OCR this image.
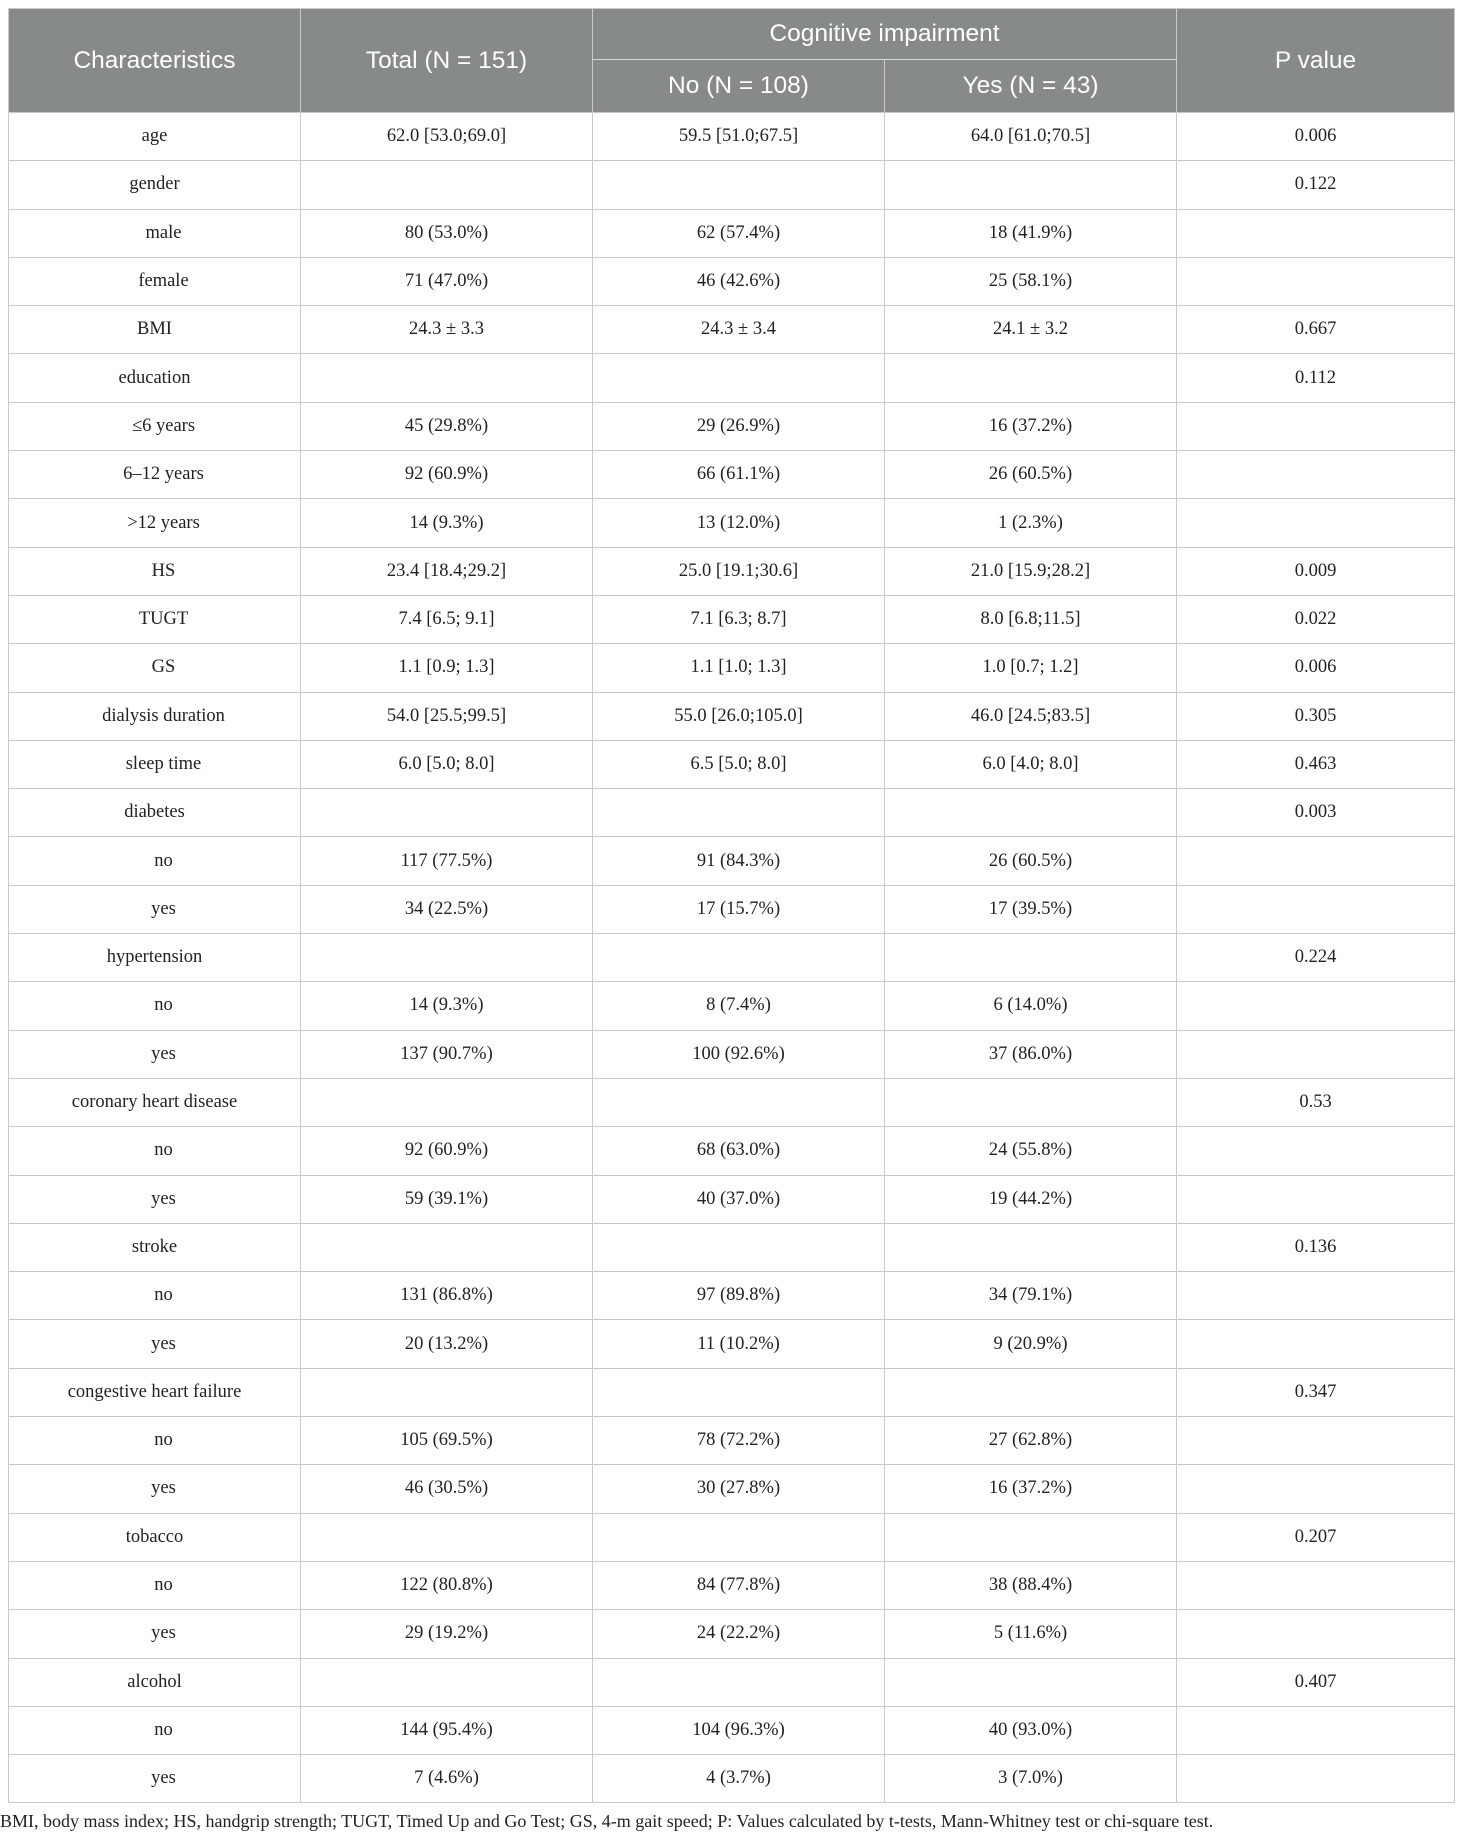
Characteristics	Total (N = 151)	Cognitive impairment		P value
		No (N = 108)	Yes (N = 43)	
age	62.0 [53.0;69.0]	59.5 [51.0;67.5]	64.0 [61.0;70.5]	0.006
gender				0.122
male	80 (53.0%)	62 (57.4%)	18 (41.9%)	
female	71 (47.0%)	46 (42.6%)	25 (58.1%)	
BMI	24.3 ± 3.3	24.3 ± 3.4	24.1 ± 3.2	0.667
education				0.112
≤6 years	45 (29.8%)	29 (26.9%)	16 (37.2%)	
6–12 years	92 (60.9%)	66 (61.1%)	26 (60.5%)	
>12 years	14 (9.3%)	13 (12.0%)	1 (2.3%)	
HS	23.4 [18.4;29.2]	25.0 [19.1;30.6]	21.0 [15.9;28.2]	0.009
TUGT	7.4 [6.5; 9.1]	7.1 [6.3; 8.7]	8.0 [6.8;11.5]	0.022
GS	1.1 [0.9; 1.3]	1.1 [1.0; 1.3]	1.0 [0.7; 1.2]	0.006
dialysis duration	54.0 [25.5;99.5]	55.0 [26.0;105.0]	46.0 [24.5;83.5]	0.305
sleep time	6.0 [5.0; 8.0]	6.5 [5.0; 8.0]	6.0 [4.0; 8.0]	0.463
diabetes				0.003
no	117 (77.5%)	91 (84.3%)	26 (60.5%)	
yes	34 (22.5%)	17 (15.7%)	17 (39.5%)	
hypertension				0.224
no	14 (9.3%)	8 (7.4%)	6 (14.0%)	
yes	137 (90.7%)	100 (92.6%)	37 (86.0%)	
coronary heart disease				0.53
no	92 (60.9%)	68 (63.0%)	24 (55.8%)	
yes	59 (39.1%)	40 (37.0%)	19 (44.2%)	
stroke				0.136
no	131 (86.8%)	97 (89.8%)	34 (79.1%)	
yes	20 (13.2%)	11 (10.2%)	9 (20.9%)	
congestive heart failure				0.347
no	105 (69.5%)	78 (72.2%)	27 (62.8%)	
yes	46 (30.5%)	30 (27.8%)	16 (37.2%)	
tobacco				0.207
no	122 (80.8%)	84 (77.8%)	38 (88.4%)	
yes	29 (19.2%)	24 (22.2%)	5 (11.6%)	
alcohol				0.407
no	144 (95.4%)	104 (96.3%)	40 (93.0%)	
yes	7 (4.6%)	4 (3.7%)	3 (7.0%)	
BMI, body mass index; HS, handgrip strength; TUGT, Timed Up and Go Test; GS, 4-m gait speed; P: Values calculated by t-tests, Mann-Whitney test or chi-square test.
